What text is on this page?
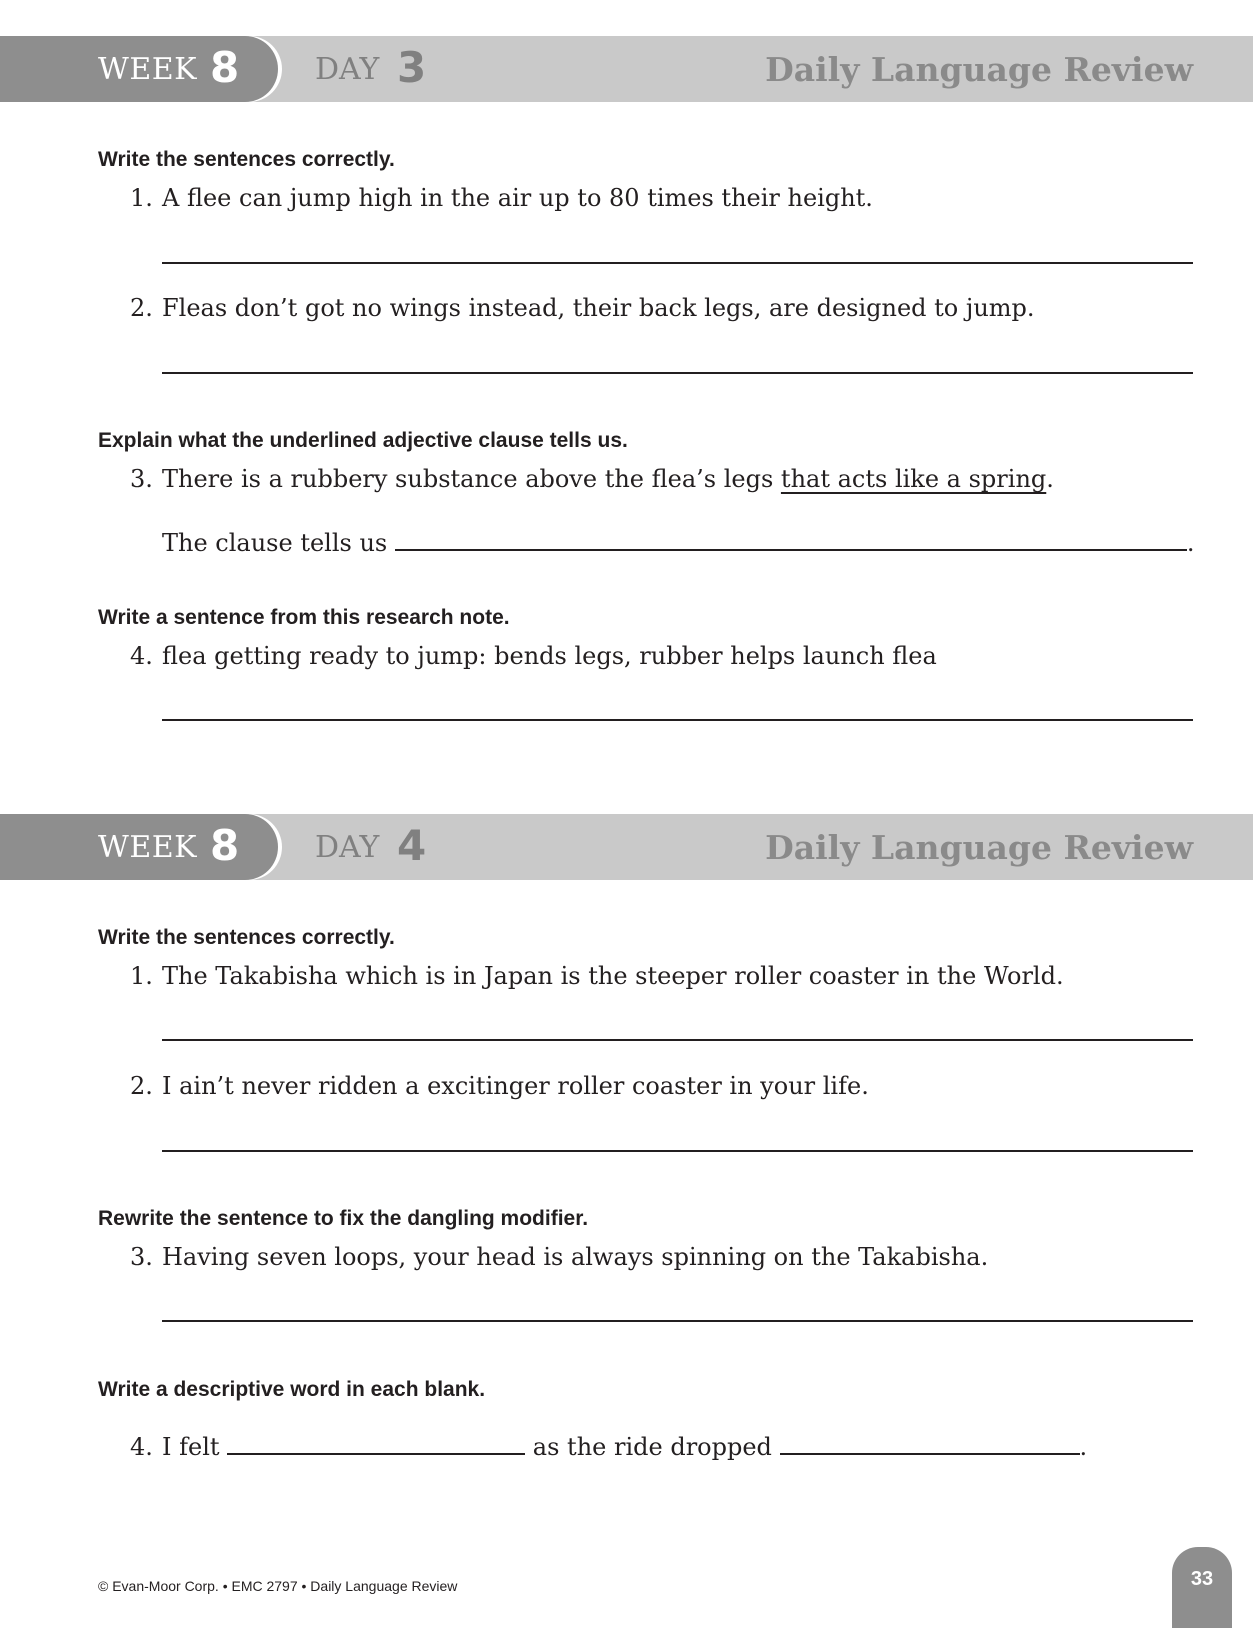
WEEK 8	DAY 3	Daily Language Review
Write the sentences correctly.
1. A flee can jump high in the air up to 80 times their height.
2. Fleas don’t got no wings instead, their back legs, are designed to jump.
Explain what the underlined adjective clause tells us.
3. There is a rubbery substance above the flea’s legs that acts like a spring.
The clause tells us	.
Write a sentence from this research note.
4. flea getting ready to jump: bends legs, rubber helps launch flea
WEEK 8	DAY 4	Daily Language Review
Write the sentences correctly.
1. The Takabisha which is in Japan is the steeper roller coaster in the World.
2. I ain’t never ridden a excitinger roller coaster in your life.
Rewrite the sentence to fix the dangling modifier.
3. Having seven loops, your head is always spinning on the Takabisha.
Write a descriptive word in each blank.
4. I felt	as the ride dropped	.
© Evan-Moor Corp. • EMC 2797 • Daily Language Review	33
